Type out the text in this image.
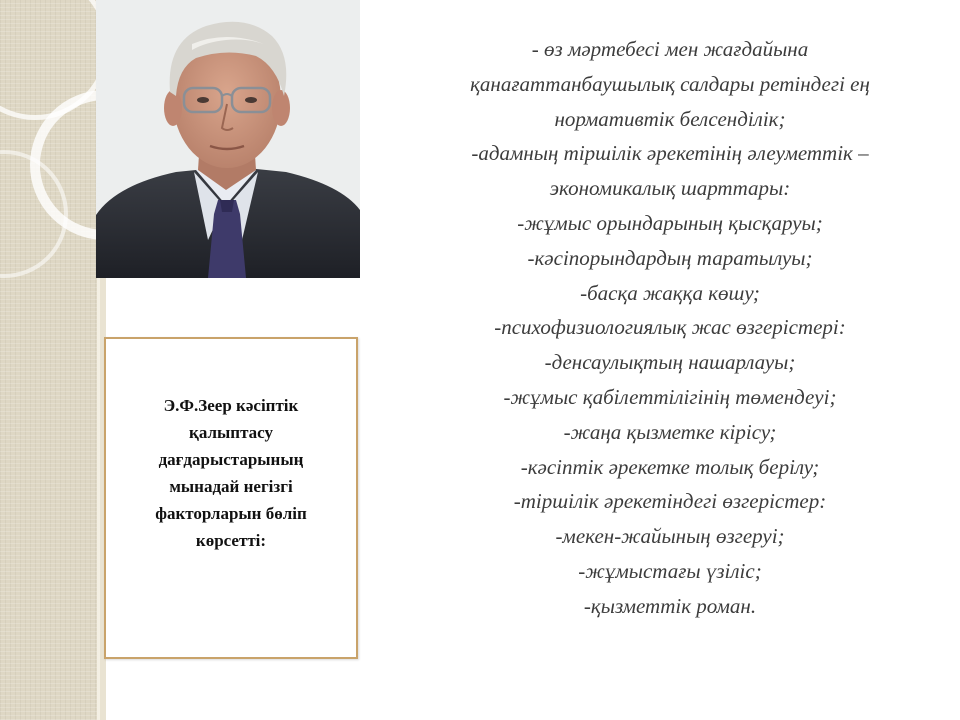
Э.Ф.Зеер кәсіптік
қалыптасу
дағдарыстарының
мынадай негізгі
факторларын бөліп
көрсетті:
- өз мәртебесі мен жағдайына
қанағаттанбаушылық салдары ретіндегі ең
нормативтік белсенділік;
-адамның тіршілік әрекетінің әлеуметтік –
экономикалық шарттары:
-жұмыс орындарының қысқаруы;
-кәсіпорындардың таратылуы;
-басқа жаққа көшу;
-психофизиологиялық жас өзгерістері:
-денсаулықтың нашарлауы;
-жұмыс қабілеттілігінің төмендеуі;
-жаңа қызметке кірісу;
-кәсіптік әрекетке толық берілу;
-тіршілік әрекетіндегі өзгерістер:
-мекен-жайының өзгеруі;
-жұмыстағы үзіліс;
-қызметтік роман.
